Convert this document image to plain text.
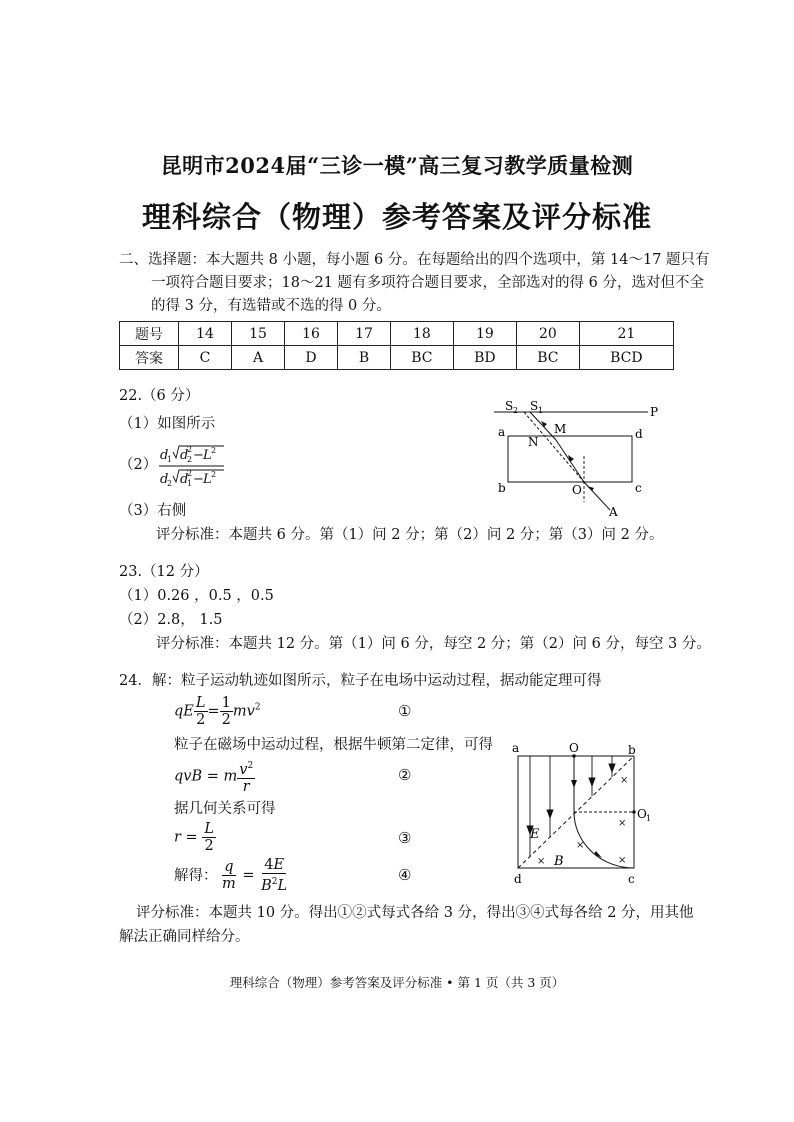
昆明市2024届“三诊一模”高三复习教学质量检测
理科综合（物理）参考答案及评分标准
二、选择题：本大题共 8 小题，每小题 6 分。在每题给出的四个选项中，第 14～17 题只有
一项符合题目要求；18～21 题有多项符合题目要求，全部选对的得 6 分，选对但不全
的得 3 分，有选错或不选的得 0 分。
题号	14	15	16	17	18	19	20	21
答案	C	A	D	B	BC	BD	BC	BCD
22.（6 分）
（1）如图所示
（2）
d
1 d
2
2 − L 2
d
2 d
1
2 − L 2
（3）右侧
评分标准：本题共 6 分。第（1）问 2 分；第（2）问 2 分；第（3）问 2 分。
S 2 S 1	P
M
N
a	d
b	c
O
A
23.（12 分）
（1）0.26 ，0.5 ，0.5
（2）2.8， 1.5
评分标准：本题共 12 分。第（1）问 6 分，每空 2 分；第（2）问 6 分，每空 3 分。
24．解：粒子运动轨迹如图所示，粒子在电场中运动过程，据动能定理可得
qE $\frac{L}{2} = \frac{1}{2} mv^2$	①
粒子在磁场中运动过程，根据牛顿第二定律，可得
qvB = m $\frac{v^2}{r}$	②
据几何关系可得
$r = \frac{L}{2}$	③
解得： $\frac{q}{m} = \frac{4E}{B^2L}$	④
评分标准：本题共 10 分。得出①②式每式各给 3 分，得出③④式每各给 2 分，用其他
解法正确同样给分。
×
×
×
×	×
a	O	b
O 1
E
B
d	c
理科综合（物理）参考答案及评分标准 • 第 1 页（共 3 页）
